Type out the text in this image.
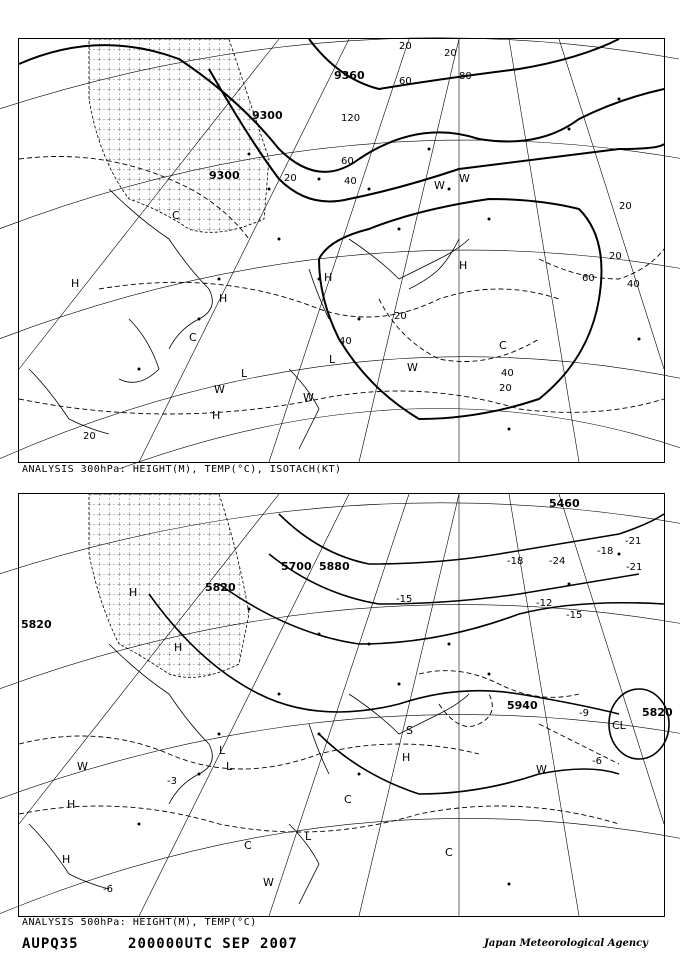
9360
9300
9300
20
60
120
80
60
40
20
20
40
20
20
40
60
20
20
40
20
H
H
C
C
L
L
W
W
W
W
H
H
C
H
W
ANALYSIS 300hPa: HEIGHT(M), TEMP(°C), ISOTACH(KT)
5460
5700
5820
5880
5940
5820
5820
-12
-15
-9
-6
-18
-21
-3
-6
-21
-24
-18
-15
H
H
H
H
H
L
L
L
C
C
C
W	W
W
CL
S
ANALYSIS 500hPa: HEIGHT(M), TEMP(°C)
AUPQ35	200000UTC SEP 2007	Japan Meteorological Agency
